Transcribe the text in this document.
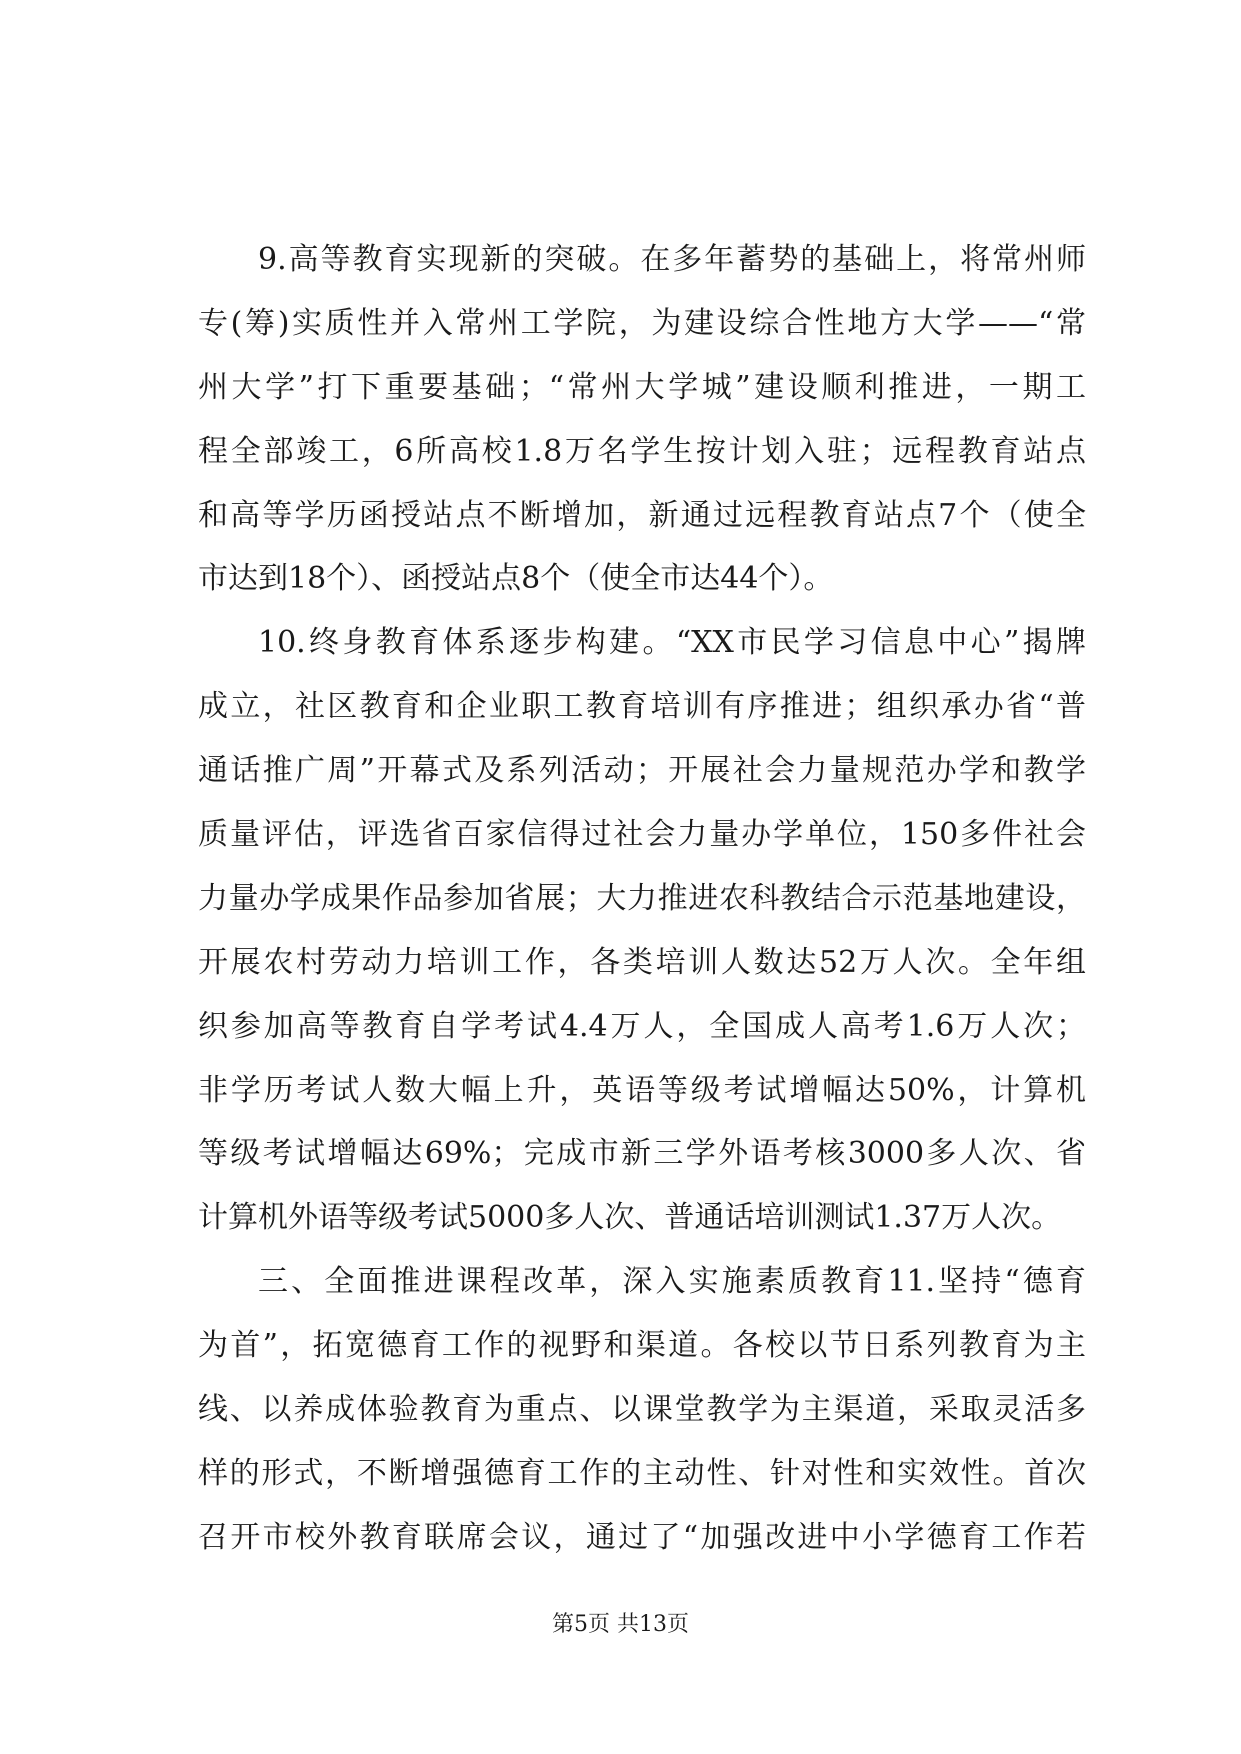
9.高等教育实现新的突破。在多年蓄势的基础上，将常州师
专(筹)实质性并入常州工学院，为建设综合性地方大学——“常
州大学”打下重要基础；“常州大学城”建设顺利推进，一期工
程全部竣工，6所高校1.8万名学生按计划入驻；远程教育站点
和高等学历函授站点不断增加，新通过远程教育站点7个（使全
市达到18个）、函授站点8个（使全市达44个）。
10.终身教育体系逐步构建。“XX市民学习信息中心”揭牌
成立，社区教育和企业职工教育培训有序推进；组织承办省“普
通话推广周”开幕式及系列活动；开展社会力量规范办学和教学
质量评估，评选省百家信得过社会力量办学单位，150多件社会
力量办学成果作品参加省展；大力推进农科教结合示范基地建设，
开展农村劳动力培训工作，各类培训人数达52万人次。全年组
织参加高等教育自学考试4.4万人，全国成人高考1.6万人次；
非学历考试人数大幅上升，英语等级考试增幅达50%，计算机
等级考试增幅达69%；完成市新三学外语考核3000多人次、省
计算机外语等级考试5000多人次、普通话培训测试1.37万人次。
三、全面推进课程改革，深入实施素质教育11.坚持“德育
为首”，拓宽德育工作的视野和渠道。各校以节日系列教育为主
线、以养成体验教育为重点、以课堂教学为主渠道，采取灵活多
样的形式，不断增强德育工作的主动性、针对性和实效性。首次
召开市校外教育联席会议，通过了“加强改进中小学德育工作若
第5页 共13页
